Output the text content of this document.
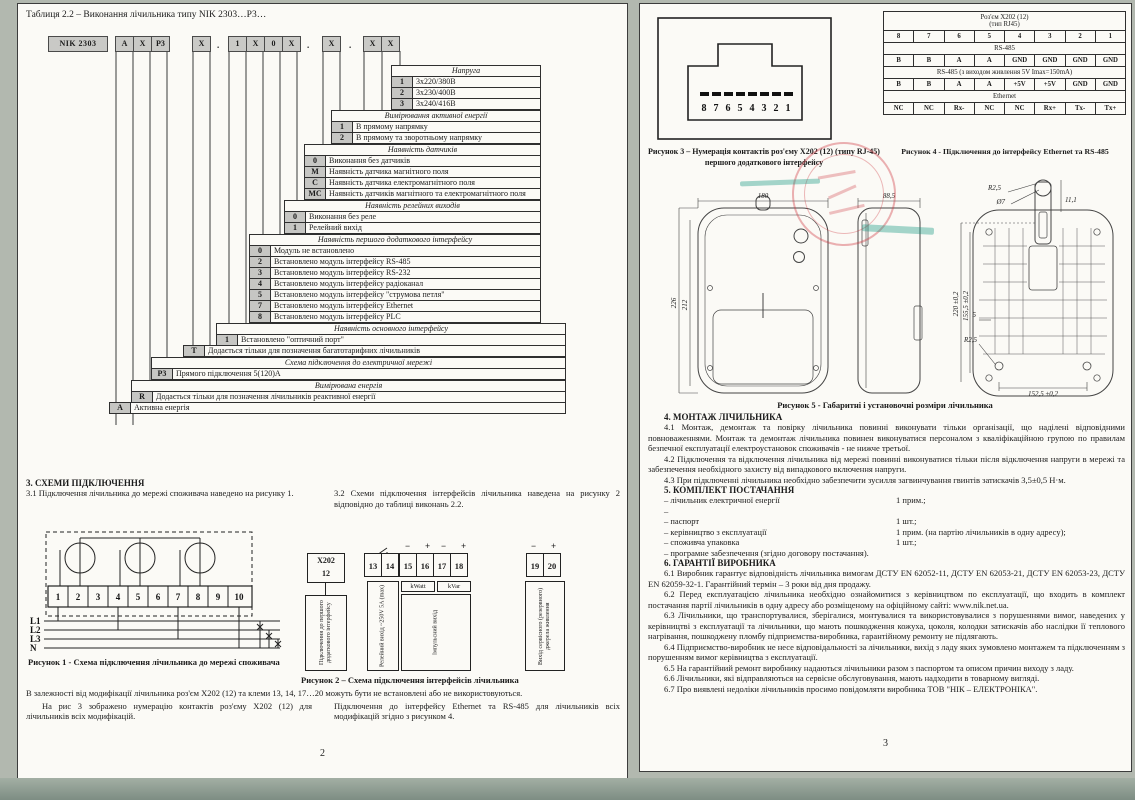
Таблиця 2.2 – Виконання лічильника типу NIK 2303…Р3…
NIK 2303	А	Х	Р3	Х	1	Х	0	Х	Х	Х	Х
.	.	.
Напруга
1	3х220/380В
2	3х230/400В
3	3х240/416В
Вимірювання активної енергії
1	В прямому напрямку
2	В прямому та зворотньому напрямку
Наявність датчиків
0	Виконання без датчиків
М	Наявність датчика магнітного поля
С	Наявність датчика електромагнітного поля
МС Наявність датчиків магнітного та електромагнітного поля
Наявність релейних виходів
0	Виконання без реле
1	Релейний вихід
Наявність першого додаткового інтерфейсу
0	Модуль не встановлено
2	Встановлено модуль інтерфейсу RS-485
3	Встановлено модуль інтерфейсу RS-232
4	Встановлено модуль інтерфейсу радіоканал
5	Встановлено модуль інтерфейсу "струмова петля"
7	Встановлено модуль інтерфейсу Ethernet
8	Встановлено модуль інтерфейсу PLC
Наявність основного інтерфейсу
1	Встановлено "оптичний порт"
Т	Додається тільки для позначення багатотарифних лічильників
Схема підключення до електричної мережі
Р3	Прямого підключення 5(120)А
Вимірювана енергія
R	Додається тільки для позначення лічильників реактивної енергії
А	Активна енергія
3. СХЕМИ ПІДКЛЮЧЕННЯ
3.1 Підключення лічильника до мережі споживача наведено на рисунку 1.	3.2 Схеми підключення інтерфейсів лічильника наведена на рисунку 2 відповідно до таблиці виконань 2.2.
1 2 3 4 5 6 7 8 9 10
L1
L2
L3
N
Рисунок 1 - Схема підключення лічильника до мережі споживача
X202
12
Підключення до першого додаткового інтерфейсу
− + − +
13	14	15	16	17	18
Релейний вихід ~250V 5A (max)	kWatt	kVar
Імпульсний вихід
− +
19	20
Вихід сервісного (резервного) джерела живлення
Рисунок 2 – Схема підключення інтерфейсів лічильника
В залежності від модифікації лічильника роз'єм Х202 (12) та клеми 13, 14, 17…20 можуть бути не встановлені або не використовуються.
На рис 3 зображено нумерацію контактів роз'єму Х202 (12) для лічильників всіх модифікацій.
Підключення до інтерфейсу Ethernet та RS-485 для лічильників всіх модифікацій згідно з рисунком 4.
2
8 7 6 5 4 3 2 1
Рисунок 3 – Нумерація контактів роз'єму Х202 (12) (типу RJ-45)
першого додаткового інтерфейсу
Роз'єм Х202 (12)
(тип RJ45)
8	7	6	5	4	3	2	1
RS-485
B	B	A	A	GND	GND	GND	GND
RS-485 (з виходом живлення 5V Imax=150mA)
B	B	A	A	+5V	+5V	GND	GND
Ethernet
NC	NC	Rx-	NC	NC	Rx+	Tx-	Tx+
Рисунок 4 - Підключення до інтерфейсу Ethernet та RS-485
180
226 212
88,5
R2,5
Ø7	11,1
220 ±0,2 155,5 ±0,2 5
R2,5
152,5 ±0,2
Рисунок 5 - Габаритні і установочні розміри лічильника
4. МОНТАЖ ЛІЧИЛЬНИКА

4.1 Монтаж, демонтаж та повірку лічильника повинні виконувати тільки організації, що наділені відповідними повноваженнями. Монтаж та демонтаж лічильника повинен виконуватися персоналом з кваліфікаційною групою по правилам безпечної експлуатації електроустановок споживачів - не нижче третьої.

4.2 Підключення та відключення лічильника від мережі повинні виконуватися тільки після відключення напруги в мережі та забезпечення необхідного захисту від випадкового включення напруги.

4.3 При підключенні лічильника необхідно забезпечити зусилля загвинчування гвинтів затискачів 3,5±0,5 Н·м.

5. КОМПЛЕКТ ПОСТАЧАННЯ
– лічильник електричної енергії	1 прим.;
–
– паспорт	1 шт.;
– керівництво з експлуатації	1 прим. (на партію лічильників в одну адресу);
– споживча упаковка	1 шт.;
– програмне забезпечення (згідно договору постачання).
6. ГАРАНТІЇ ВИРОБНИКА

6.1 Виробник гарантує відповідність лічильника вимогам ДСТУ EN 62052-11, ДСТУ EN 62053-21, ДСТУ EN 62053-23, ДСТУ EN 62059-32-1. Гарантійний термін – 3 роки від дня продажу.

6.2 Перед експлуатацією лічильника необхідно ознайомитися з керівництвом по експлуатації, що входить в комплект постачання партії лічильників в одну адресу або розміщеному на офіційному сайті: www.nik.net.ua.

6.3 Лічильники, що транспортувалися, зберігалися, монтувалися та використовувалися з порушеннями вимог, наведених у керівництві з експлуатації та лічильники, що мають пошкодження кожуха, цоколя, колодки затискачів або наслідки її теплового нагрівання, пошкоджену пломбу підприємства-виробника, гарантійному ремонту не підлягають.

6.4 Підприємство-виробник не несе відповідальності за лічильники, вихід з ладу яких зумовлено монтажем та підключенням з порушенням вимог керівництва з експлуатації.

6.5 На гарантійний ремонт виробнику надаються лічильники разом з паспортом та описом причин виходу з ладу.

6.6 Лічильники, які відправляються на сервісне обслуговування, мають надходити в товарному вигляді.

6.7 Про виявлені недоліки лічильників просимо повідомляти виробника ТОВ "НІК – ЕЛЕКТРОНІКА".

3
